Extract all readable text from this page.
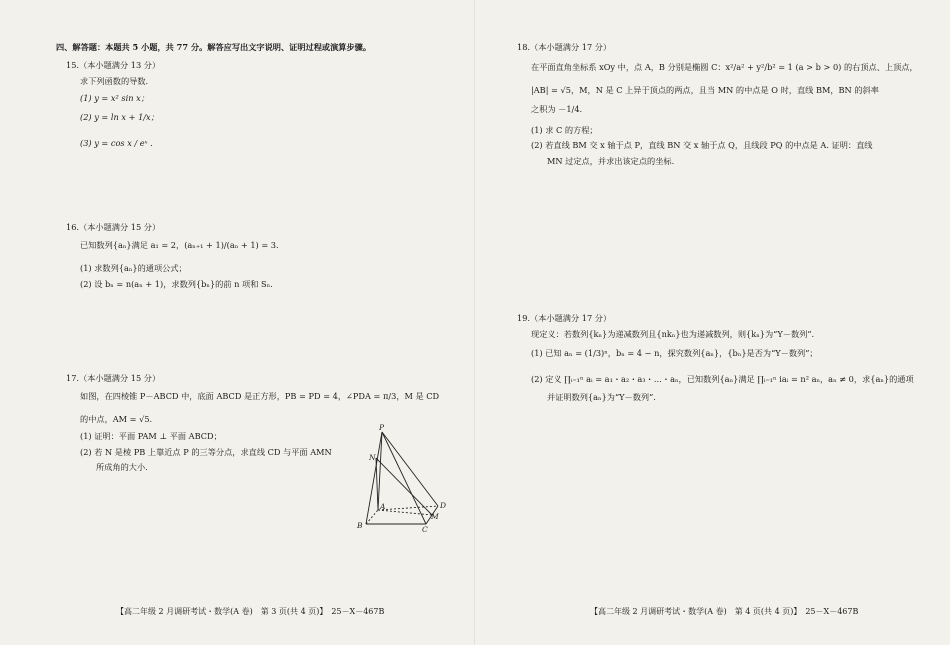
四、解答题：本题共 5 小题，共 77 分。解答应写出文字说明、证明过程或演算步骤。
15.（本小题满分 13 分）
求下列函数的导数.
(1) y = x² sin x；
(2) y = ln x + 1/x；
(3) y = cos x / eˣ .
16.（本小题满分 15 分）
已知数列{aₙ}满足 a₁ = 2，(aₙ₊₁ + 1)/(aₙ + 1) = 3.
(1) 求数列{aₙ}的通项公式；
(2) 设 bₙ = n(aₙ + 1)，求数列{bₙ}的前 n 项和 Sₙ.
17.（本小题满分 15 分）
如图，在四棱锥 P－ABCD 中，底面 ABCD 是正方形，PB = PD = 4，∠PDA = π/3，M 是 CD
的中点，AM = √5.
(1) 证明：平面 PAM ⊥ 平面 ABCD；
(2) 若 N 是棱 PB 上靠近点 P 的三等分点，求直线 CD 与平面 AMN
所成角的大小.
P
N
A
B	C
D
M
【高二年级 2 月调研考试・数学(A 卷)　第 3 页(共 4 页)】　25－X－467B
18.（本小题满分 17 分）
在平面直角坐标系 xOy 中，点 A，B 分别是椭圆 C：x²/a² + y²/b² = 1 (a > b > 0) 的右顶点、上顶点，
|AB| = √5，M，N 是 C 上异于顶点的两点，且当 MN 的中点是 O 时，直线 BM，BN 的斜率
之积为 －1/4.
(1) 求 C 的方程；
(2) 若直线 BM 交 x 轴于点 P，直线 BN 交 x 轴于点 Q，且线段 PQ 的中点是 A. 证明：直线
MN 过定点，并求出该定点的坐标.
19.（本小题满分 17 分）
现定义：若数列{kₙ}为递减数列且{nkₙ}也为递减数列，则{kₙ}为“Y－数列”.
(1) 已知 aₙ = (1/3)ⁿ，bₙ = 4 − n，探究数列{aₙ}，{bₙ}是否为“Y－数列”；
(2) 定义 ∏ᵢ₌₁ⁿ aᵢ = a₁・a₂・a₃・…・aₙ，已知数列{aₙ}满足 ∏ᵢ₌₁ⁿ iaᵢ = n² aₙ，aₙ ≠ 0，求{aₙ}的通项
并证明数列{aₙ}为“Y－数列”.
【高二年级 2 月调研考试・数学(A 卷)　第 4 页(共 4 页)】　25－X－467B
